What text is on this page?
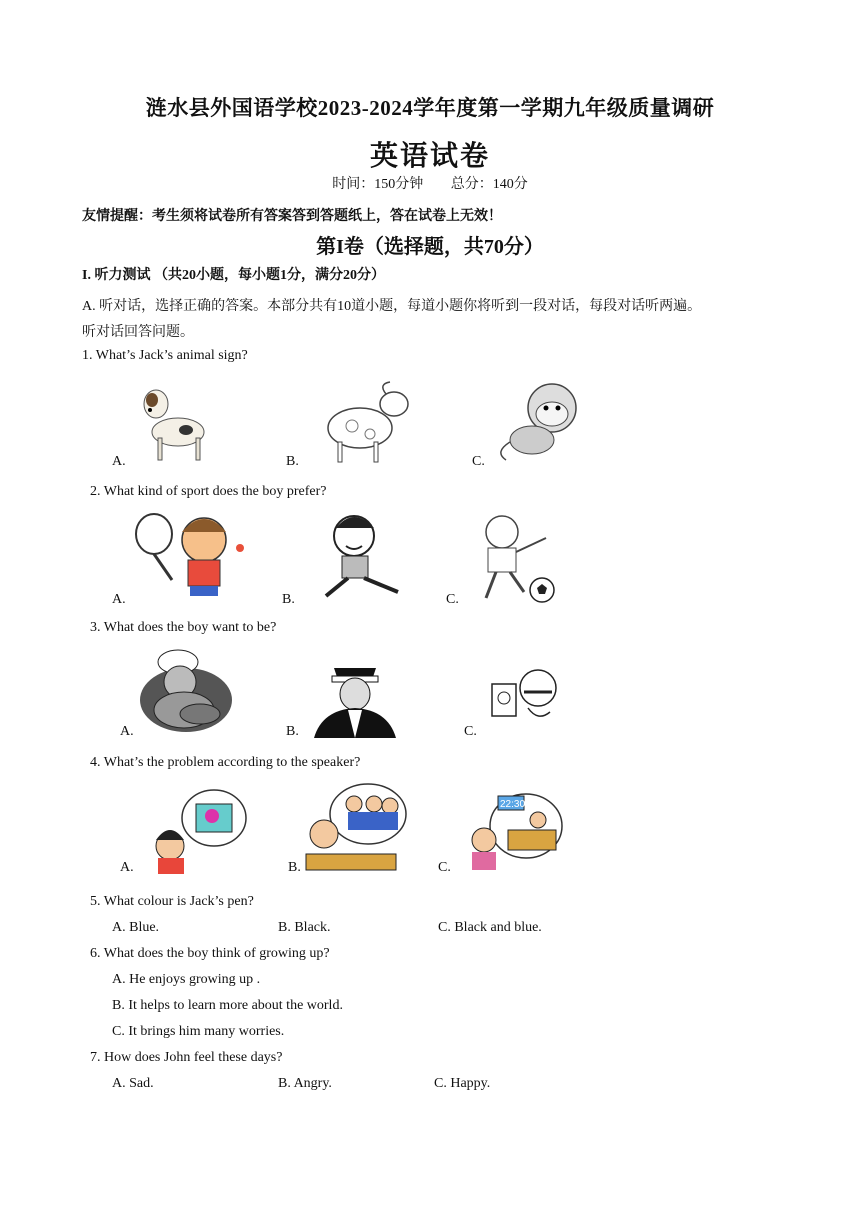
涟水县外国语学校2023-2024学年度第一学期九年级质量调研
英语试卷
时间：150分钟 总分：140分
友情提醒：考生须将试卷所有答案答到答题纸上，答在试卷上无效！
第I卷（选择题，共70分）
I. 听力测试 （共20小题，每小题1分，满分20分）
A. 听对话，选择正确的答案。本部分共有10道小题，每道小题你将听到一段对话，每段对话听两遍。
听对话回答问题。
1. What’s Jack’s animal sign?
A.	B.	C.
2. What kind of sport does the boy prefer?
A.	B.	C.
3. What does the boy want to be?
A.	B.	C.
4. What’s the problem according to the speaker?
A.	B.
22:30
C.
5. What colour is Jack’s pen?
A. Blue.	B. Black.	C. Black and blue.
6. What does the boy think of growing up?
A. He enjoys growing up .
B. It helps to learn more about the world.
C. It brings him many worries.
7. How does John feel these days?
A. Sad.	B. Angry.	C. Happy.
